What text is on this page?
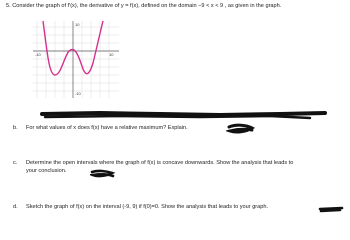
5. Consider the graph of f′(x), the derivative of y = f(x), defined on the domain −9 < x < 9 , as given in the graph.
10
-10	10
-10
b. For what values of x does f(x) have a relative maximum? Explain.
c. Determine the open intervals where the graph of f(x) is concave downwards. Show the analysis that leads to
your conclusion.
d. Sketch the graph of f(x) on the interval (-9, 9) if f(0)=0. Show the analysis that leads to your graph.
